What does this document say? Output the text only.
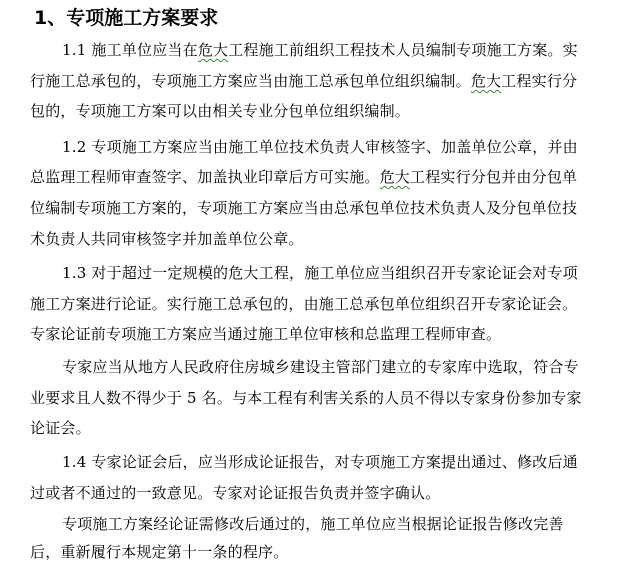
1、专项施工方案要求

1.1 施工单位应当在危大工程施工前组织工程技术人员编制专项施工方案。实

行施工总承包的，专项施工方案应当由施工总承包单位组织编制。危大工程实行分

包的，专项施工方案可以由相关专业分包单位组织编制。

1.2 专项施工方案应当由施工单位技术负责人审核签字、加盖单位公章，并由

总监理工程师审查签字、加盖执业印章后方可实施。危大工程实行分包并由分包单

位编制专项施工方案的，专项施工方案应当由总承包单位技术负责人及分包单位技

术负责人共同审核签字并加盖单位公章。

1.3 对于超过一定规模的危大工程，施工单位应当组织召开专家论证会对专项

施工方案进行论证。实行施工总承包的，由施工总承包单位组织召开专家论证会。

专家论证前专项施工方案应当通过施工单位审核和总监理工程师审查。

专家应当从地方人民政府住房城乡建设主管部门建立的专家库中选取，符合专

业要求且人数不得少于 5 名。与本工程有利害关系的人员不得以专家身份参加专家

论证会。

1.4 专家论证会后，应当形成论证报告，对专项施工方案提出通过、修改后通

过或者不通过的一致意见。专家对论证报告负责并签字确认。

专项施工方案经论证需修改后通过的，施工单位应当根据论证报告修改完善

后，重新履行本规定第十一条的程序。
